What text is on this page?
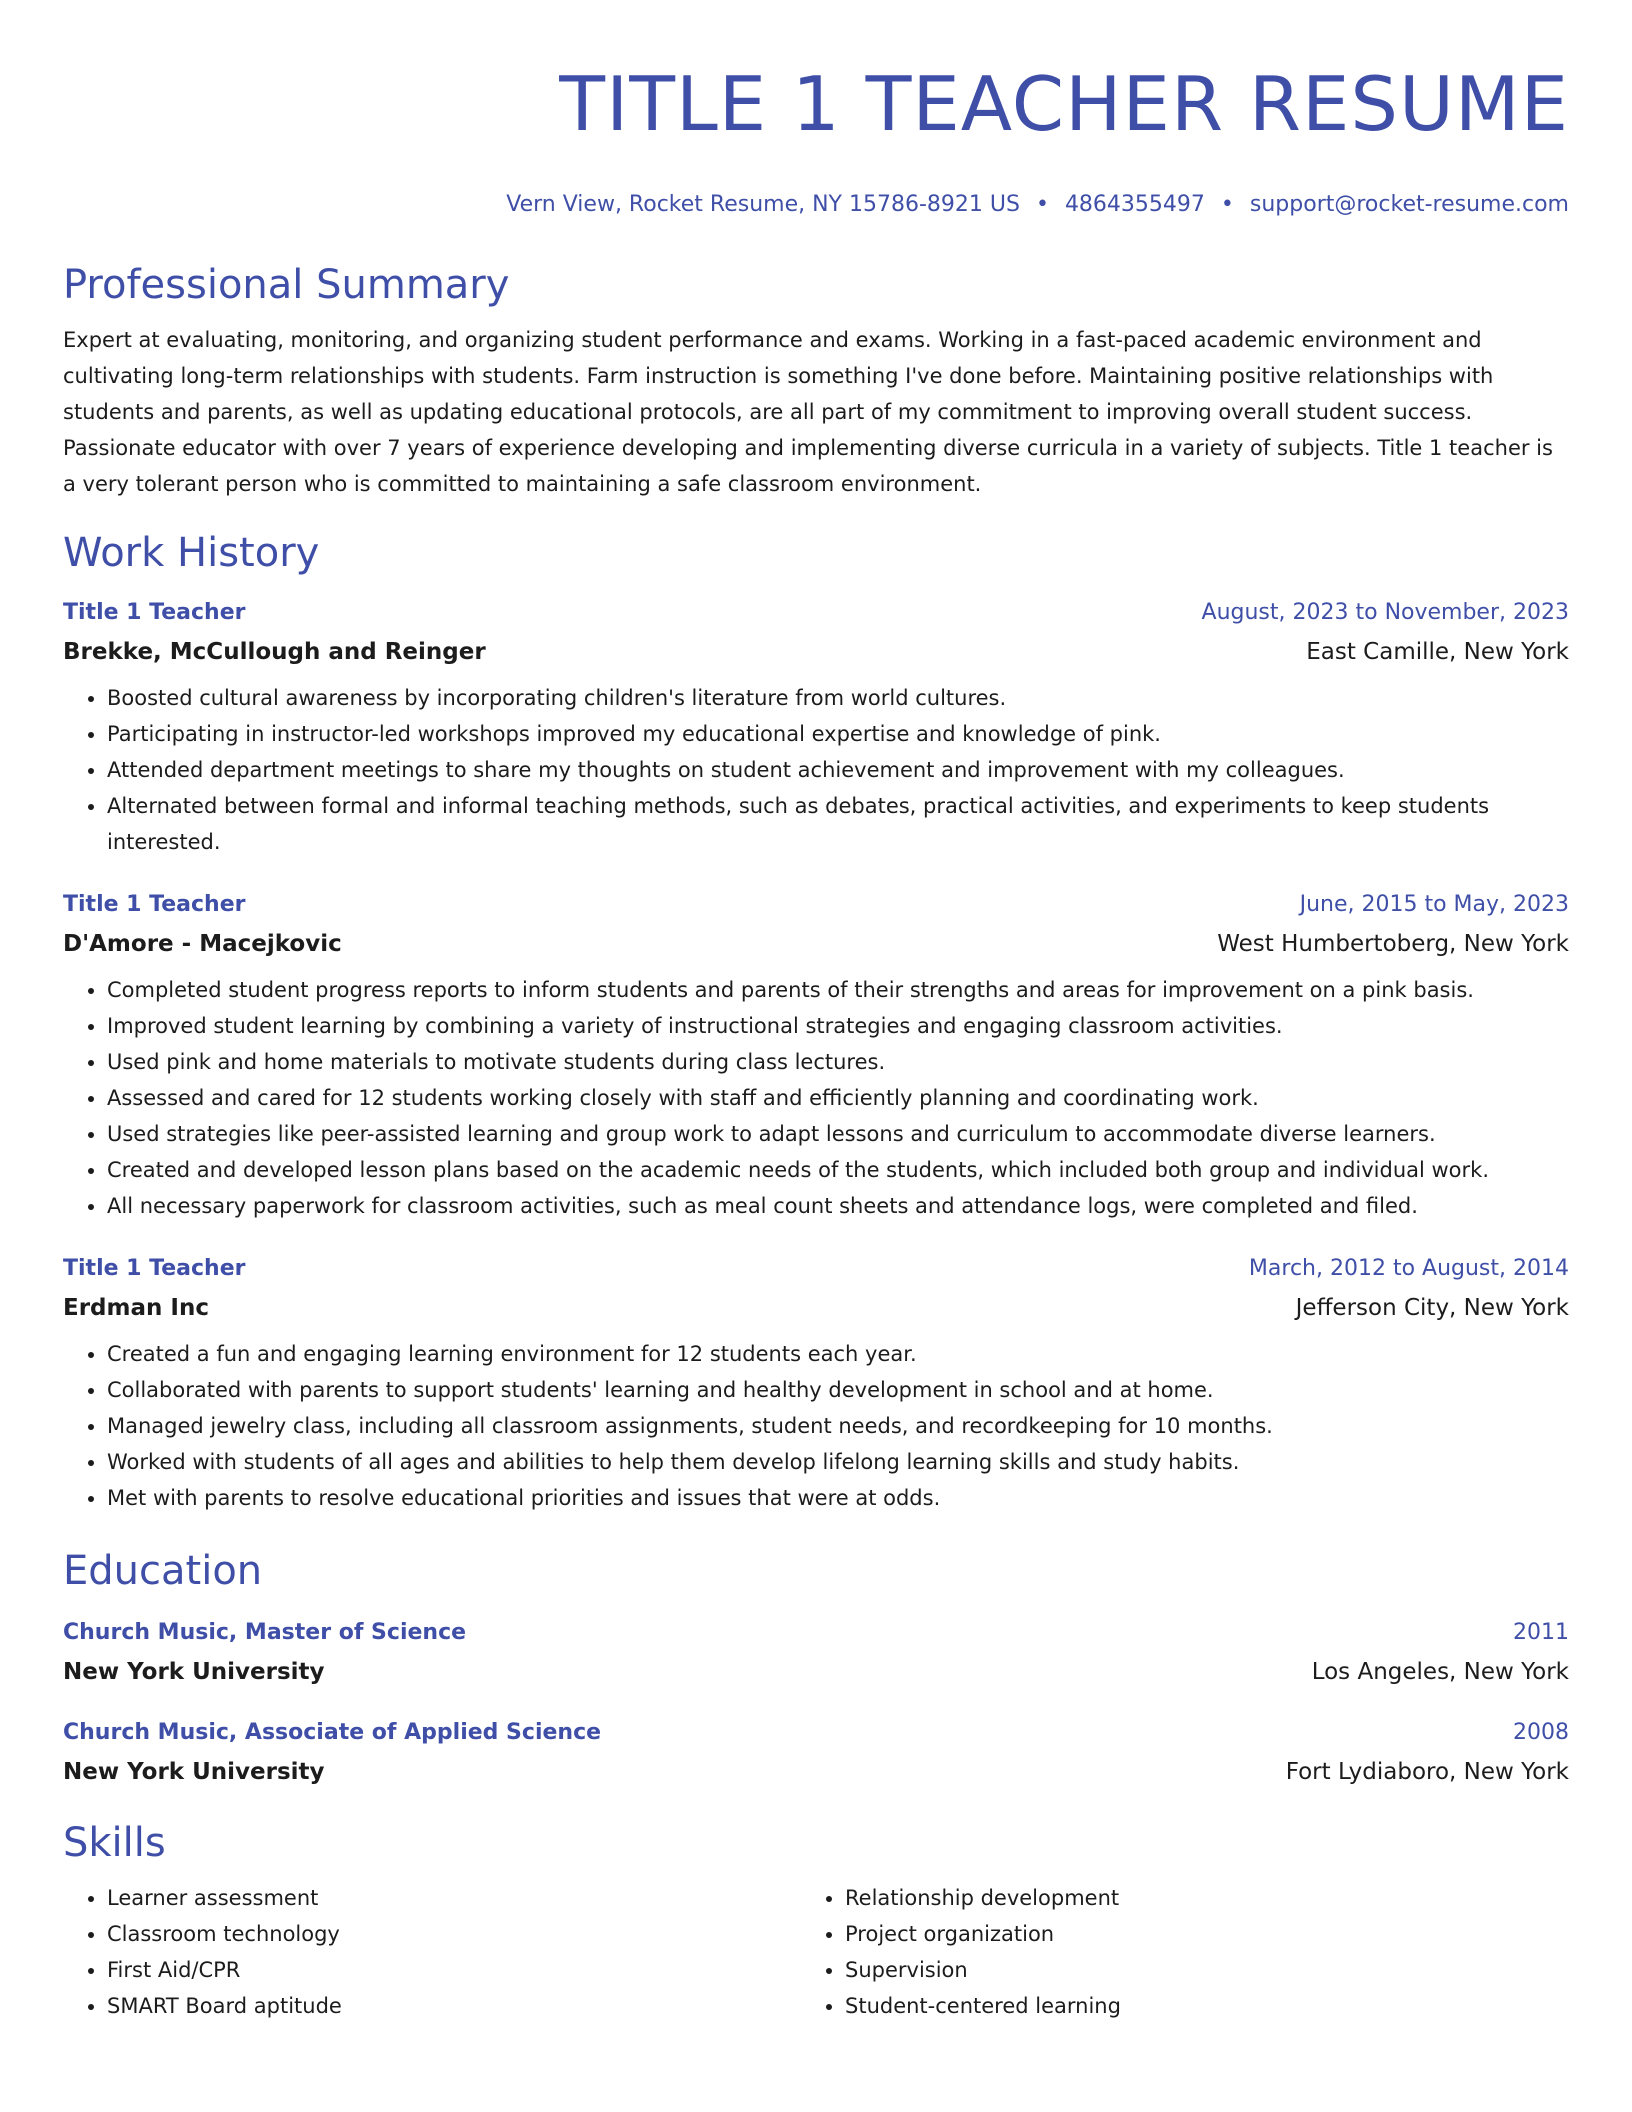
TITLE 1 TEACHER RESUME
Vern View, Rocket Resume, NY 15786-8921 US • 4864355497 • support@rocket-resume.com
Professional Summary
Expert at evaluating, monitoring, and organizing student performance and exams. Working in a fast-paced academic environment and cultivating long-term relationships with students. Farm instruction is something I've done before. Maintaining positive relationships with students and parents, as well as updating educational protocols, are all part of my commitment to improving overall student success. Passionate educator with over 7 years of experience developing and implementing diverse curricula in a variety of subjects. Title 1 teacher is a very tolerant person who is committed to maintaining a safe classroom environment.
Work History
Title 1 Teacher	August, 2023 to November, 2023
Brekke, McCullough and Reinger	East Camille, New York
• Boosted cultural awareness by incorporating children's literature from world cultures.
• Participating in instructor-led workshops improved my educational expertise and knowledge of pink.
• Attended department meetings to share my thoughts on student achievement and improvement with my colleagues.
• Alternated between formal and informal teaching methods, such as debates, practical activities, and experiments to keep students interested.
Title 1 Teacher	June, 2015 to May, 2023
D'Amore - Macejkovic	West Humbertoberg, New York
• Completed student progress reports to inform students and parents of their strengths and areas for improvement on a pink basis.
• Improved student learning by combining a variety of instructional strategies and engaging classroom activities.
• Used pink and home materials to motivate students during class lectures.
• Assessed and cared for 12 students working closely with staff and efficiently planning and coordinating work.
• Used strategies like peer-assisted learning and group work to adapt lessons and curriculum to accommodate diverse learners.
• Created and developed lesson plans based on the academic needs of the students, which included both group and individual work.
• All necessary paperwork for classroom activities, such as meal count sheets and attendance logs, were completed and filed.
Title 1 Teacher	March, 2012 to August, 2014
Erdman Inc	Jefferson City, New York
• Created a fun and engaging learning environment for 12 students each year.
• Collaborated with parents to support students' learning and healthy development in school and at home.
• Managed jewelry class, including all classroom assignments, student needs, and recordkeeping for 10 months.
• Worked with students of all ages and abilities to help them develop lifelong learning skills and study habits.
• Met with parents to resolve educational priorities and issues that were at odds.
Education
Church Music, Master of Science	2011
New York University	Los Angeles, New York
Church Music, Associate of Applied Science	2008
New York University	Fort Lydiaboro, New York
Skills
• Learner assessment
• Classroom technology
• First Aid/CPR
• SMART Board aptitude
• Relationship development
• Project organization
• Supervision
• Student-centered learning
